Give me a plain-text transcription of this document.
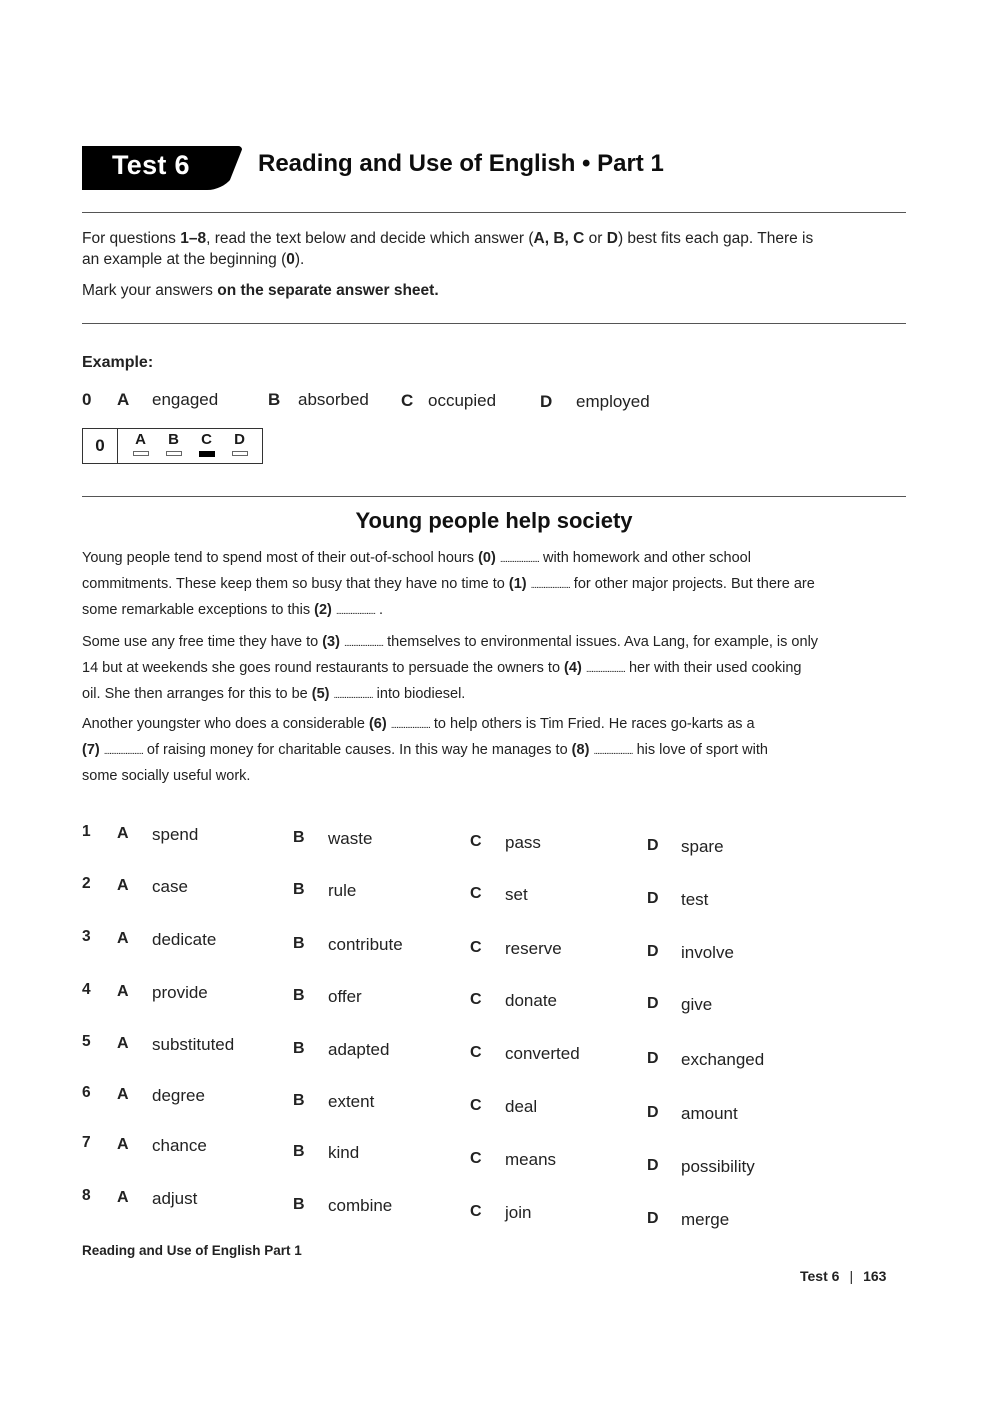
Test 6	Reading and Use of English • Part 1
For questions 1–8, read the text below and decide which answer (A, B, C or D) best fits each gap. There is
an example at the beginning (0).
Mark your answers on the separate answer sheet.
Example:
0 A engaged	B absorbed C occupied	D employed
0	A B C D
Young people help society
Young people tend to spend most of their out-of-school hours (0) ...................... with homework and other school
commitments. These keep them so busy that they have no time to (1) ...................... for other major projects. But there are
some remarkable exceptions to this (2) ...................... .
Some use any free time they have to (3) ...................... themselves to environmental issues. Ava Lang, for example, is only
14 but at weekends she goes round restaurants to persuade the owners to (4) ...................... her with their used cooking
oil. She then arranges for this to be (5) ...................... into biodiesel.
Another youngster who does a considerable (6) ...................... to help others is Tim Fried. He races go-karts as a
(7) ...................... of raising money for charitable causes. In this way he manages to (8) ...................... his love of sport with
some socially useful work.
1 A spend	B waste	C pass	D spare
2 A case	B rule	C set	D test
3 A dedicate	B contribute	C reserve	D involve
4 A provide	B offer	C donate	D give
5 A substituted	B adapted	C converted	D exchanged
6 A degree	B extent	C deal	D amount
7 A chance	B kind	C means	D possibility
8 A adjust	B combine	C join	D merge
Reading and Use of English Part 1
Test 6 | 163
